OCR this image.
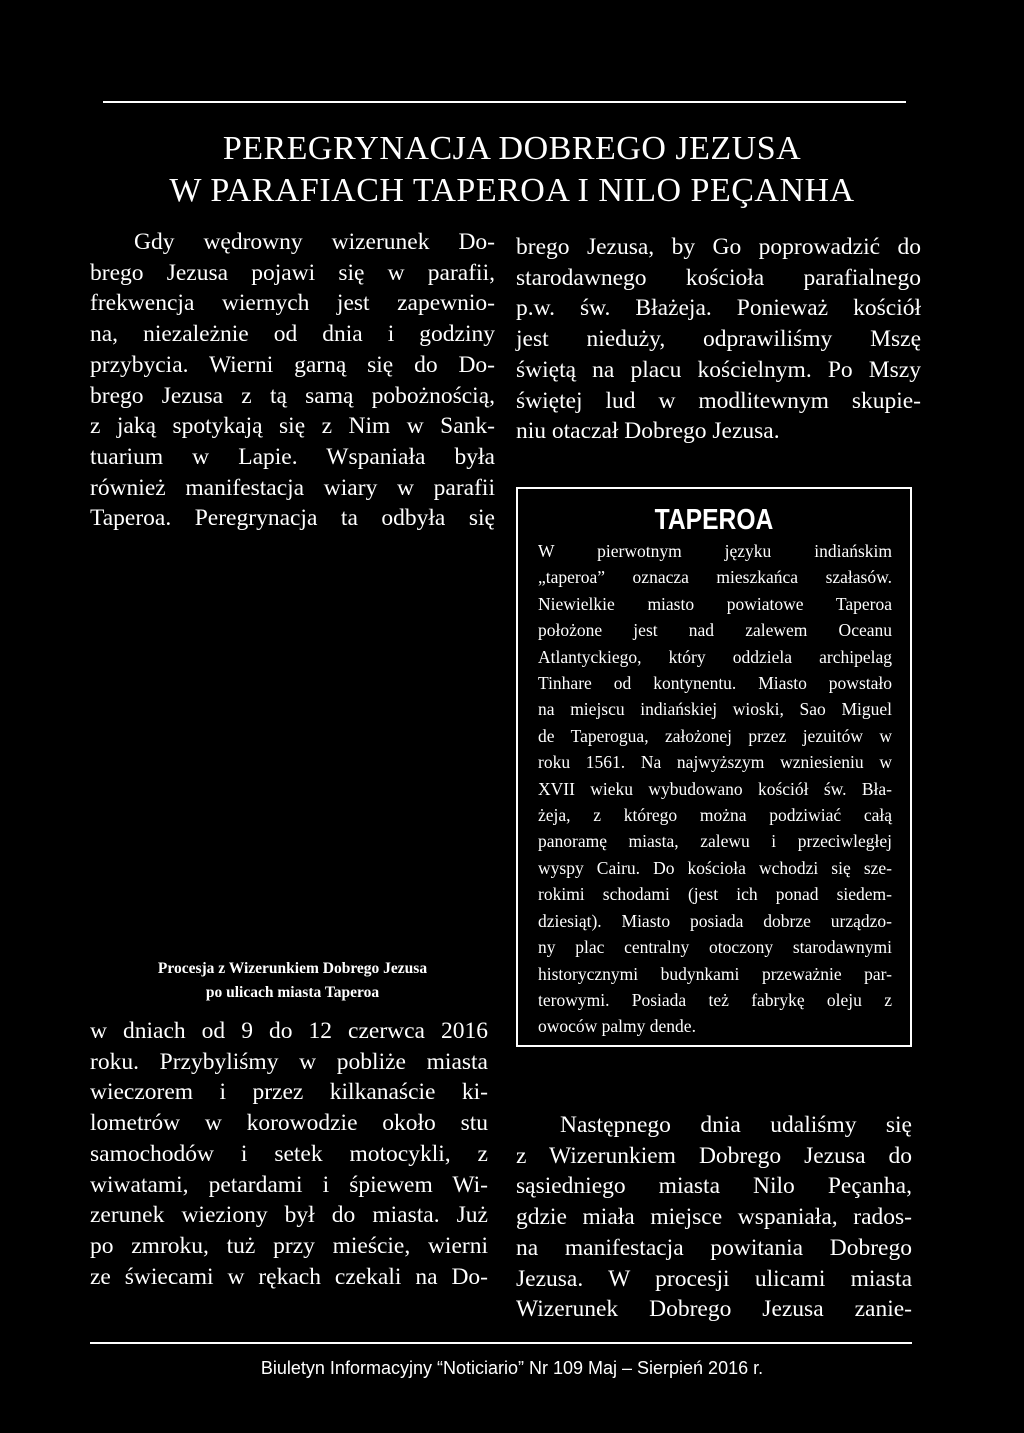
PEREGRYNACJA DOBREGO JEZUSA
W PARAFIACH TAPEROA I NILO PEÇANHA
Gdy wędrowny wizerunek Do-
brego Jezusa pojawi się w parafii,
frekwencja wiernych jest zapewnio-
na, niezależnie od dnia i godziny
przybycia. Wierni garną się do Do-
brego Jezusa z tą samą pobożnością,
z jaką spotykają się z Nim w Sank-
tuarium w Lapie. Wspaniała była
również manifestacja wiary w parafii
Taperoa. Peregrynacja ta odbyła się
Procesja z Wizerunkiem Dobrego Jezusa
po ulicach miasta Taperoa
w dniach od 9 do 12 czerwca 2016
roku. Przybyliśmy w pobliże miasta
wieczorem i przez kilkanaście ki-
lometrów w korowodzie około stu
samochodów i setek motocykli, z
wiwatami, petardami i śpiewem Wi-
zerunek wieziony był do miasta. Już
po zmroku, tuż przy mieście, wierni
ze świecami w rękach czekali na Do-
brego Jezusa, by Go poprowadzić do
starodawnego kościoła parafialnego
p.w. św. Błażeja. Ponieważ kościół
jest nieduży, odprawiliśmy Mszę
świętą na placu kościelnym. Po Mszy
świętej lud w modlitewnym skupie-
niu otaczał Dobrego Jezusa.
TAPEROA
W pierwotnym języku indiańskim
„taperoa” oznacza mieszkańca szałasów.
Niewielkie miasto powiatowe Taperoa
położone jest nad zalewem Oceanu
Atlantyckiego, który oddziela archipelag
Tinhare od kontynentu. Miasto powstało
na miejscu indiańskiej wioski, Sao Miguel
de Taperogua, założonej przez jezuitów w
roku 1561. Na najwyższym wzniesieniu w
XVII wieku wybudowano kościół św. Bła-
żeja, z którego można podziwiać całą
panoramę miasta, zalewu i przeciwległej
wyspy Cairu. Do kościoła wchodzi się sze-
rokimi schodami (jest ich ponad siedem-
dziesiąt). Miasto posiada dobrze urządzo-
ny plac centralny otoczony starodawnymi
historycznymi budynkami przeważnie par-
terowymi. Posiada też fabrykę oleju z
owoców palmy dende.
Następnego dnia udaliśmy się
z Wizerunkiem Dobrego Jezusa do
sąsiedniego miasta Nilo Peçanha,
gdzie miała miejsce wspaniała, rados-
na manifestacja powitania Dobrego
Jezusa. W procesji ulicami miasta
Wizerunek Dobrego Jezusa zanie-
Biuletyn Informacyjny “Noticiario” Nr 109 Maj – Sierpień 2016 r.
